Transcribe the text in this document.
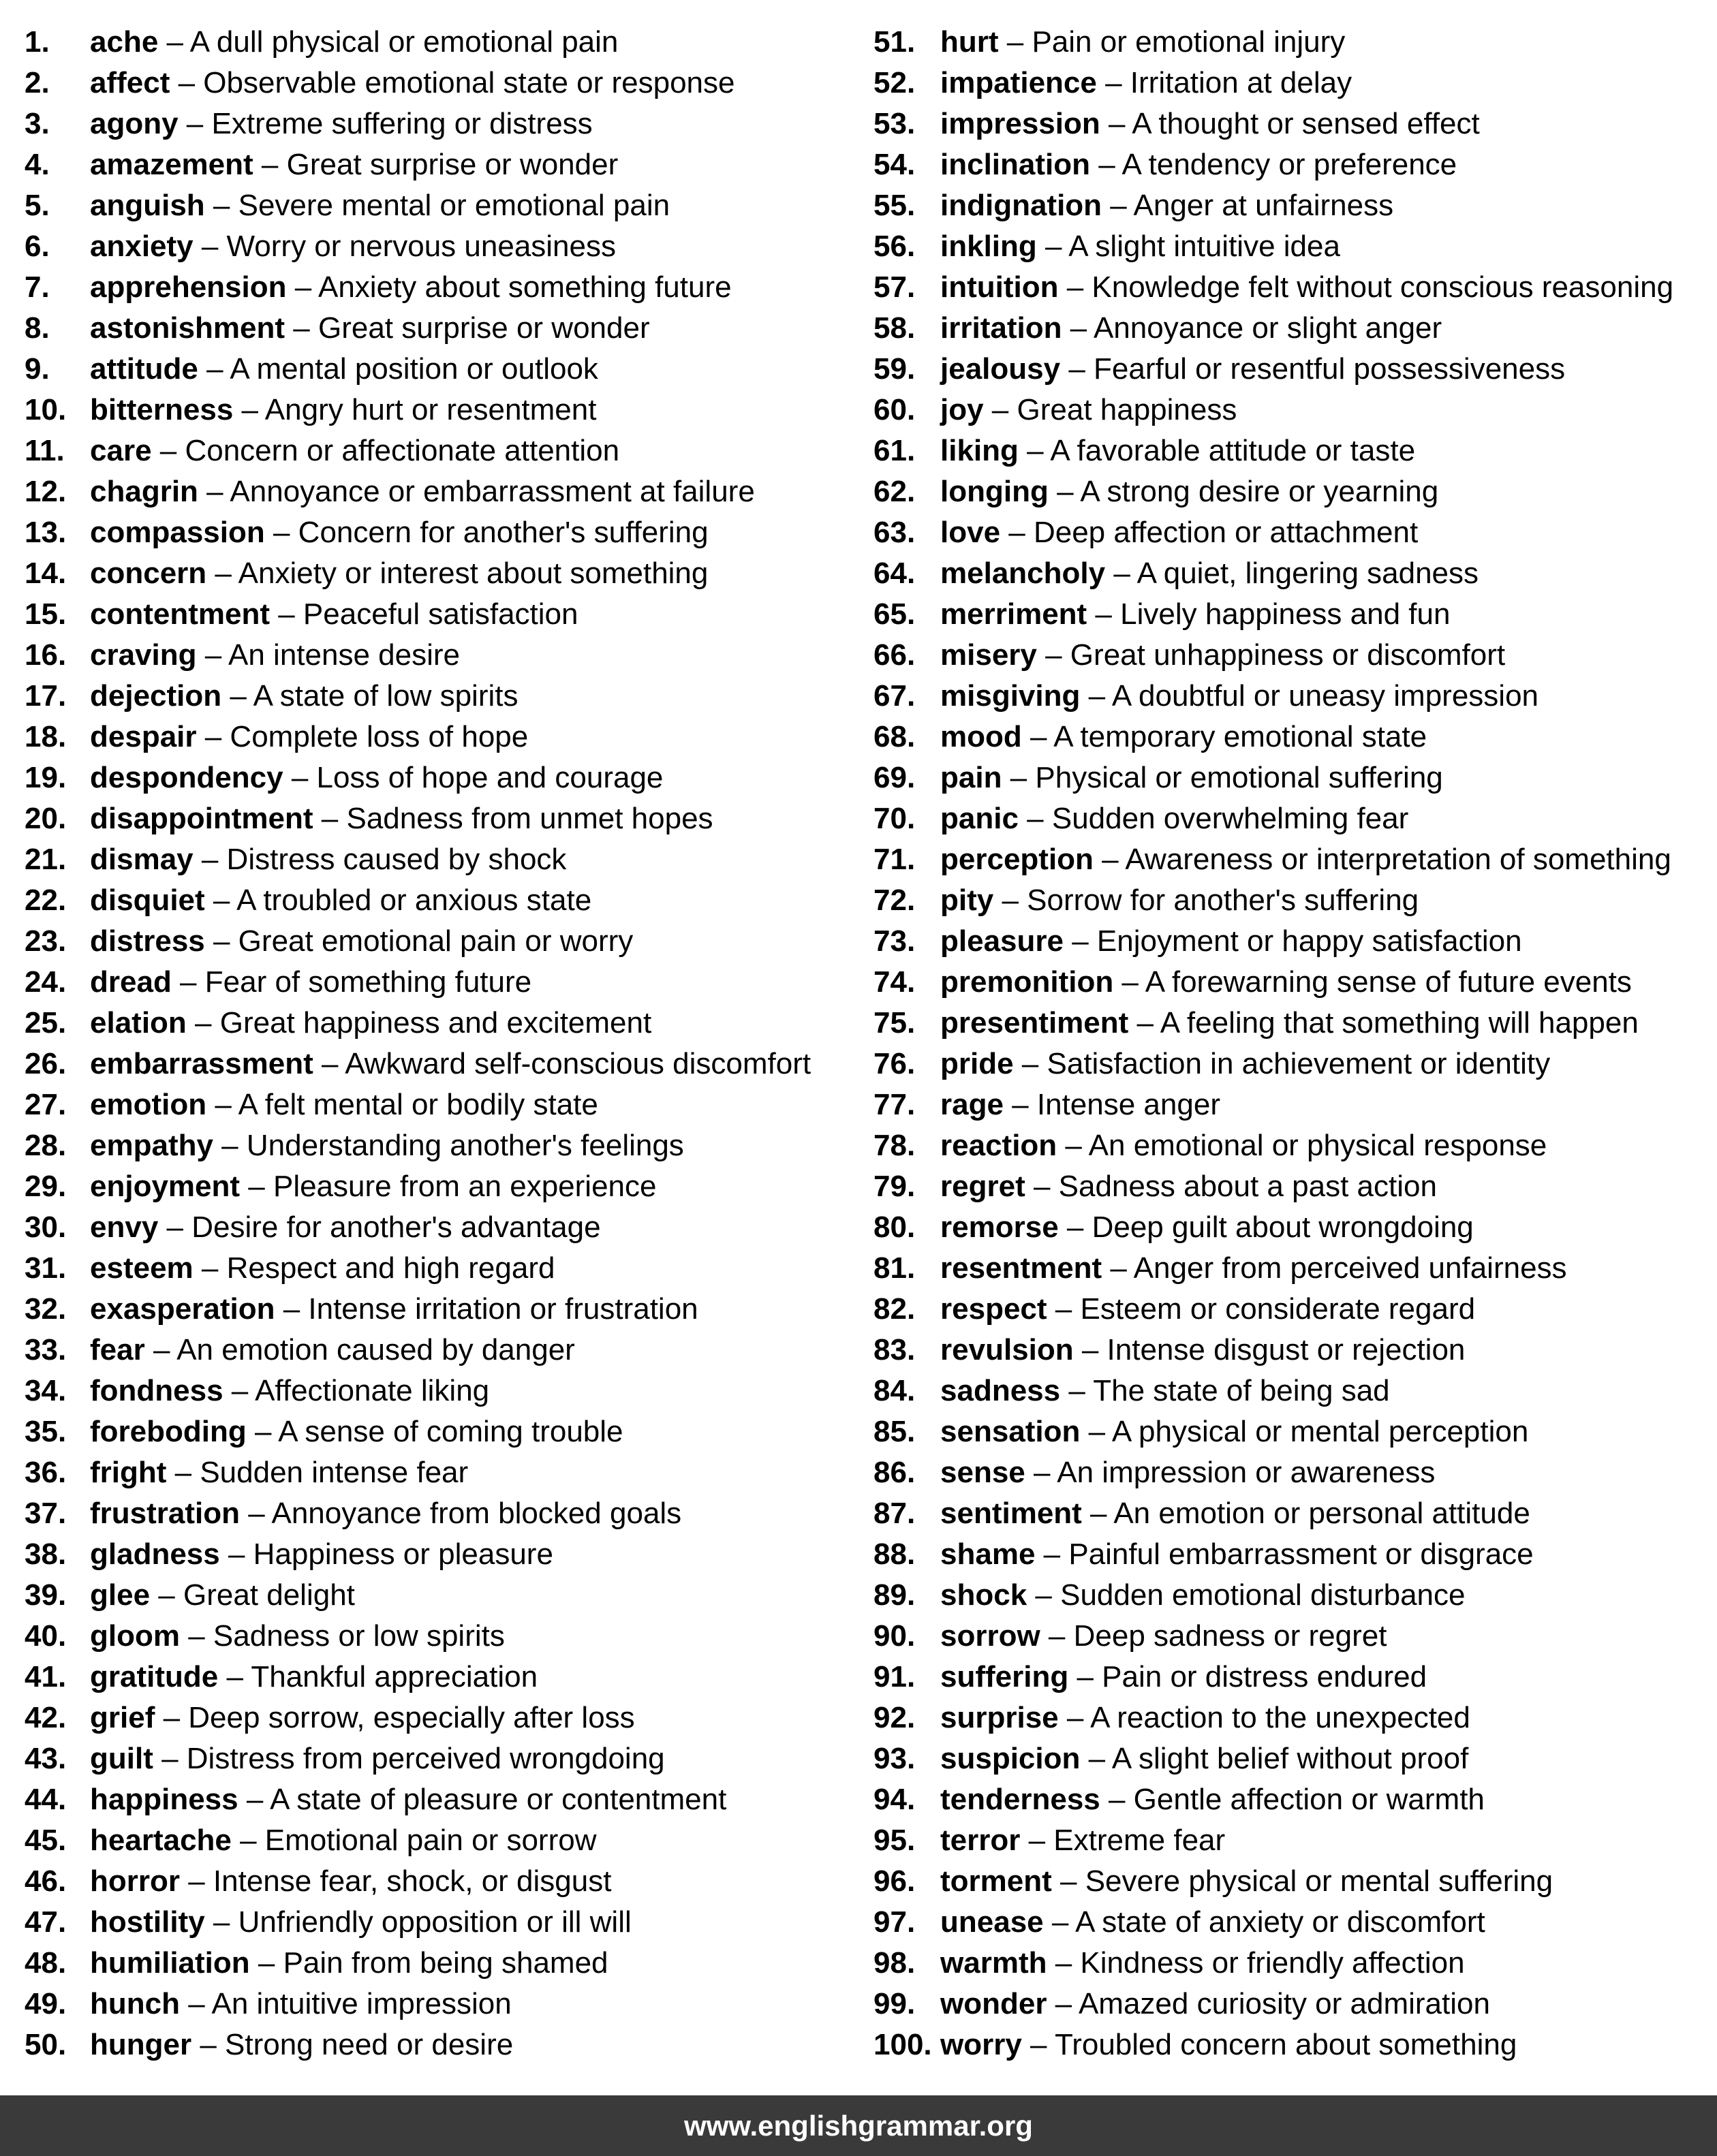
1. ache – A dull physical or emotional pain
2. affect – Observable emotional state or response
3. agony – Extreme suffering or distress
4. amazement – Great surprise or wonder
5. anguish – Severe mental or emotional pain
6. anxiety – Worry or nervous uneasiness
7. apprehension – Anxiety about something future
8. astonishment – Great surprise or wonder
9. attitude – A mental position or outlook
10. bitterness – Angry hurt or resentment
11. care – Concern or affectionate attention
12. chagrin – Annoyance or embarrassment at failure
13. compassion – Concern for another's suffering
14. concern – Anxiety or interest about something
15. contentment – Peaceful satisfaction
16. craving – An intense desire
17. dejection – A state of low spirits
18. despair – Complete loss of hope
19. despondency – Loss of hope and courage
20. disappointment – Sadness from unmet hopes
21. dismay – Distress caused by shock
22. disquiet – A troubled or anxious state
23. distress – Great emotional pain or worry
24. dread – Fear of something future
25. elation – Great happiness and excitement
26. embarrassment – Awkward self-conscious discomfort
27. emotion – A felt mental or bodily state
28. empathy – Understanding another's feelings
29. enjoyment – Pleasure from an experience
30. envy – Desire for another's advantage
31. esteem – Respect and high regard
32. exasperation – Intense irritation or frustration
33. fear – An emotion caused by danger
34. fondness – Affectionate liking
35. foreboding – A sense of coming trouble
36. fright – Sudden intense fear
37. frustration – Annoyance from blocked goals
38. gladness – Happiness or pleasure
39. glee – Great delight
40. gloom – Sadness or low spirits
41. gratitude – Thankful appreciation
42. grief – Deep sorrow, especially after loss
43. guilt – Distress from perceived wrongdoing
44. happiness – A state of pleasure or contentment
45. heartache – Emotional pain or sorrow
46. horror – Intense fear, shock, or disgust
47. hostility – Unfriendly opposition or ill will
48. humiliation – Pain from being shamed
49. hunch – An intuitive impression
50. hunger – Strong need or desire
51. hurt – Pain or emotional injury
52. impatience – Irritation at delay
53. impression – A thought or sensed effect
54. inclination – A tendency or preference
55. indignation – Anger at unfairness
56. inkling – A slight intuitive idea
57. intuition – Knowledge felt without conscious reasoning
58. irritation – Annoyance or slight anger
59. jealousy – Fearful or resentful possessiveness
60. joy – Great happiness
61. liking – A favorable attitude or taste
62. longing – A strong desire or yearning
63. love – Deep affection or attachment
64. melancholy – A quiet, lingering sadness
65. merriment – Lively happiness and fun
66. misery – Great unhappiness or discomfort
67. misgiving – A doubtful or uneasy impression
68. mood – A temporary emotional state
69. pain – Physical or emotional suffering
70. panic – Sudden overwhelming fear
71. perception – Awareness or interpretation of something
72. pity – Sorrow for another's suffering
73. pleasure – Enjoyment or happy satisfaction
74. premonition – A forewarning sense of future events
75. presentiment – A feeling that something will happen
76. pride – Satisfaction in achievement or identity
77. rage – Intense anger
78. reaction – An emotional or physical response
79. regret – Sadness about a past action
80. remorse – Deep guilt about wrongdoing
81. resentment – Anger from perceived unfairness
82. respect – Esteem or considerate regard
83. revulsion – Intense disgust or rejection
84. sadness – The state of being sad
85. sensation – A physical or mental perception
86. sense – An impression or awareness
87. sentiment – An emotion or personal attitude
88. shame – Painful embarrassment or disgrace
89. shock – Sudden emotional disturbance
90. sorrow – Deep sadness or regret
91. suffering – Pain or distress endured
92. surprise – A reaction to the unexpected
93. suspicion – A slight belief without proof
94. tenderness – Gentle affection or warmth
95. terror – Extreme fear
96. torment – Severe physical or mental suffering
97. unease – A state of anxiety or discomfort
98. warmth – Kindness or friendly affection
99. wonder – Amazed curiosity or admiration
100. worry – Troubled concern about something
www.englishgrammar.org
